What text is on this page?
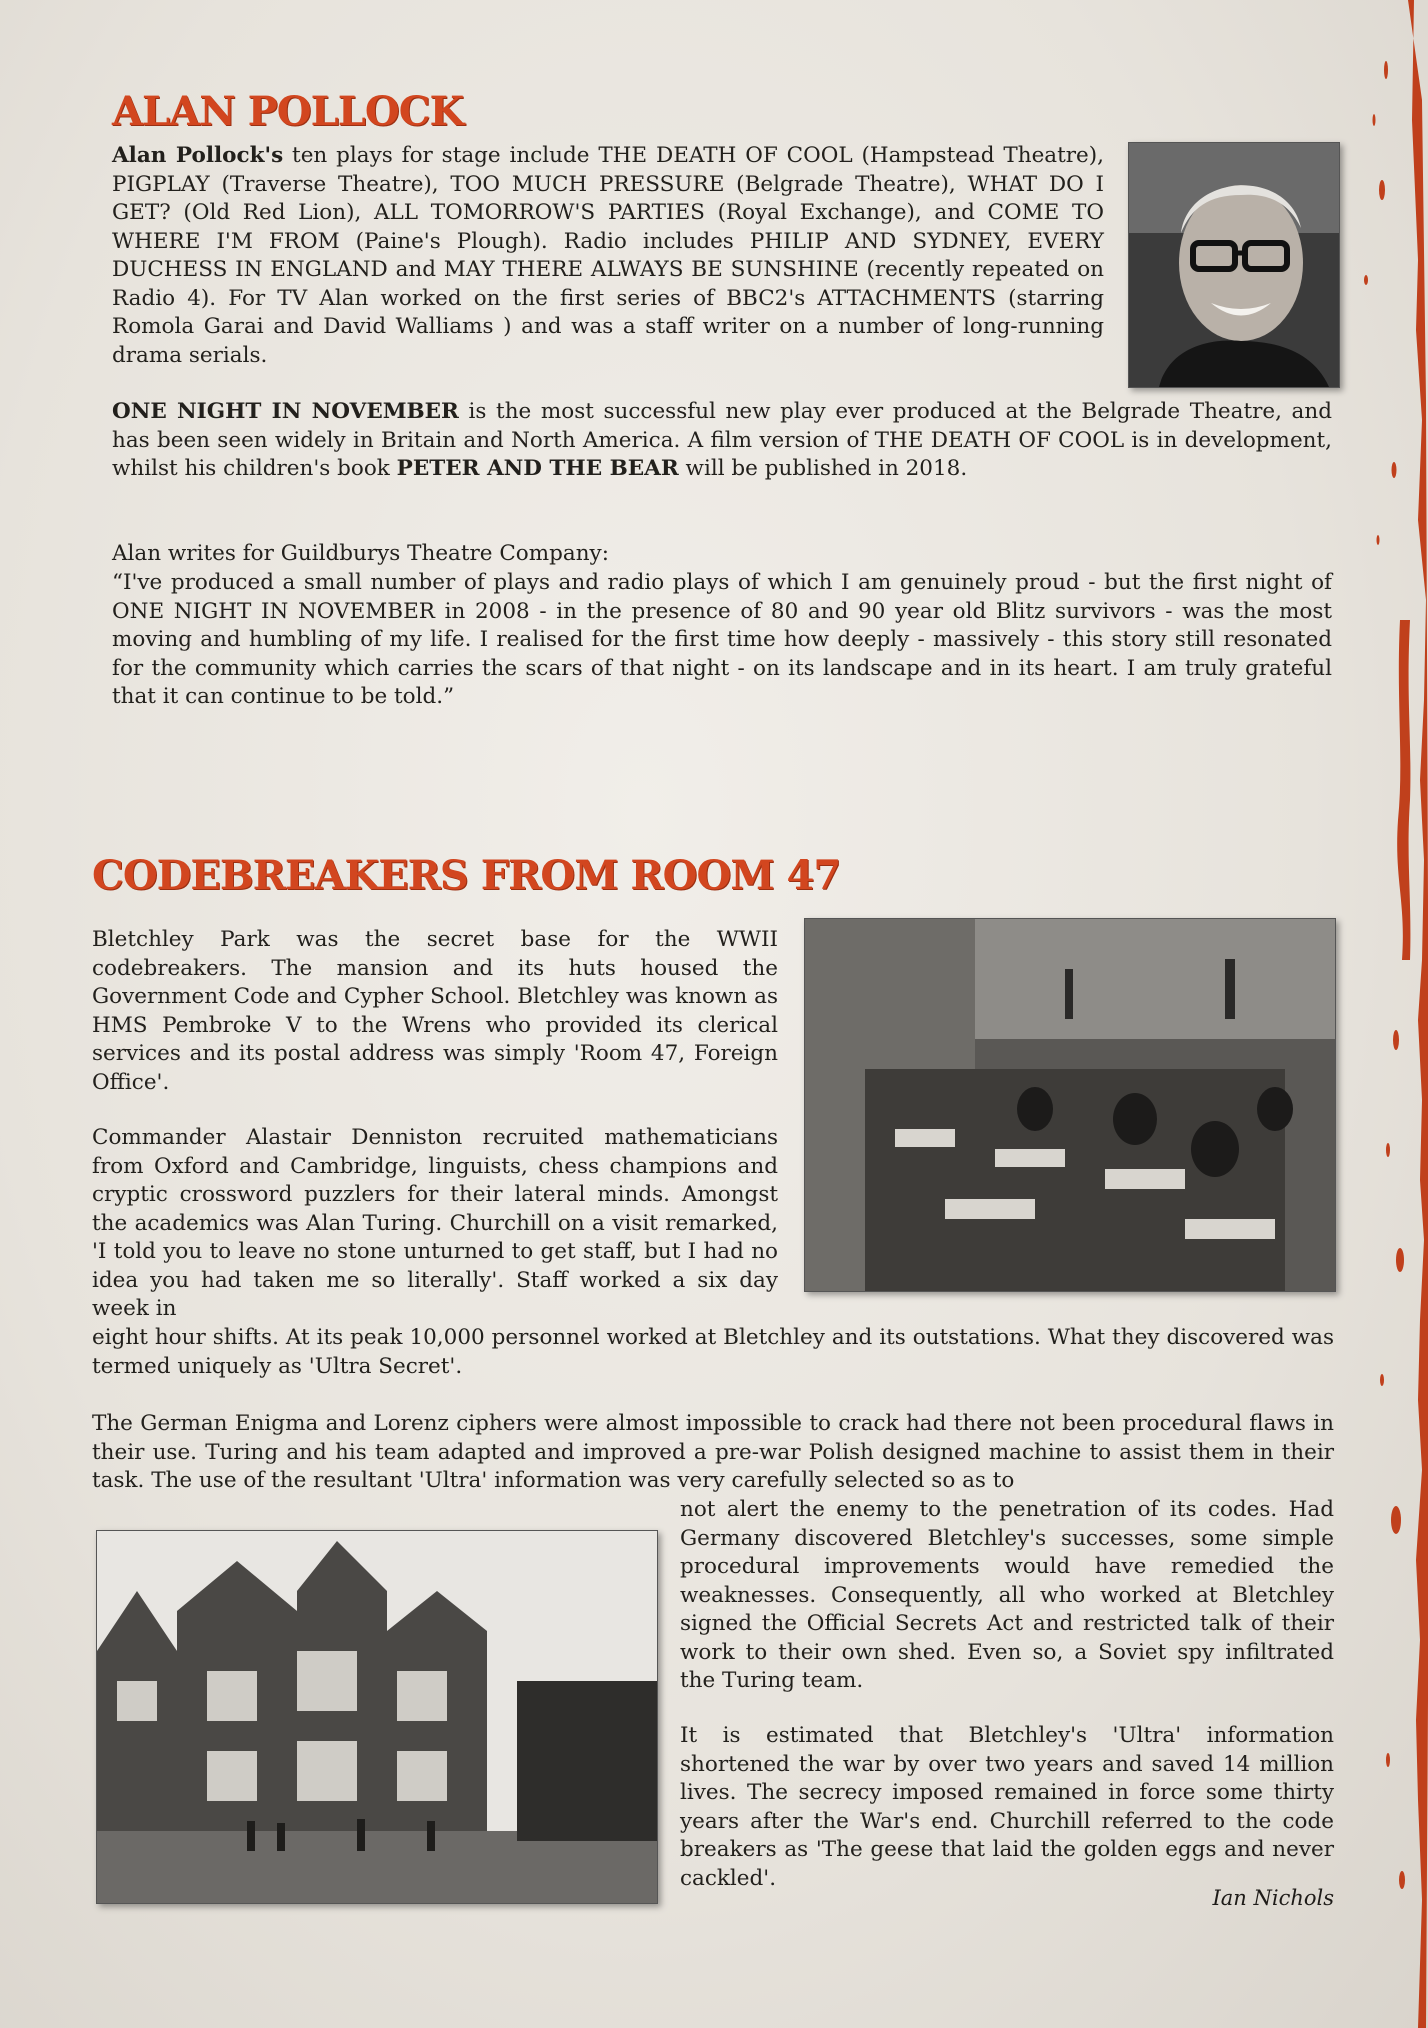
ALAN POLLOCK

Alan Pollock's ten plays for stage include THE DEATH OF COOL (Hampstead Theatre), PIGPLAY (Traverse Theatre), TOO MUCH PRESSURE (Belgrade Theatre), WHAT DO I GET? (Old Red Lion), ALL TOMORROW'S PARTIES (Royal Exchange), and COME TO WHERE I'M FROM (Paine's Plough). Radio includes PHILIP AND SYDNEY, EVERY DUCHESS IN ENGLAND and MAY THERE ALWAYS BE SUNSHINE (recently repeated on Radio 4). For TV Alan worked on the first series of BBC2's ATTACHMENTS (starring Romola Garai and David Walliams ) and was a staff writer on a number of long-running drama serials.

ONE NIGHT IN NOVEMBER is the most successful new play ever produced at the Belgrade Theatre, and has been seen widely in Britain and North America. A film version of THE DEATH OF COOL is in development, whilst his children's book PETER AND THE BEAR will be published in 2018.

Alan writes for Guildburys Theatre Company:

“I've produced a small number of plays and radio plays of which I am genuinely proud - but the first night of ONE NIGHT IN NOVEMBER in 2008 - in the presence of 80 and 90 year old Blitz survivors - was the most moving and humbling of my life. I realised for the first time how deeply - massively - this story still resonated for the community which carries the scars of that night - on its landscape and in its heart. I am truly grateful that it can continue to be told.”

CODEBREAKERS FROM ROOM 47

Bletchley Park was the secret base for the WWII codebreakers. The mansion and its huts housed the Government Code and Cypher School. Bletchley was known as HMS Pembroke V to the Wrens who provided its clerical services and its postal address was simply 'Room 47, Foreign Office'.

Commander Alastair Denniston recruited mathematicians from Oxford and Cambridge, linguists, chess champions and cryptic crossword puzzlers for their lateral minds. Amongst the academics was Alan Turing. Churchill on a visit remarked, 'I told you to leave no stone unturned to get staff, but I had no idea you had taken me so literally'. Staff worked a six day week in

eight hour shifts. At its peak 10,000 personnel worked at Bletchley and its outstations. What they discovered was termed uniquely as 'Ultra Secret'.

The German Enigma and Lorenz ciphers were almost impossible to crack had there not been procedural flaws in their use. Turing and his team adapted and improved a pre-war Polish designed machine to assist them in their task. The use of the resultant 'Ultra' information was very carefully selected so as to

not alert the enemy to the penetration of its codes. Had Germany discovered Bletchley's successes, some simple procedural improvements would have remedied the weaknesses. Consequently, all who worked at Bletchley signed the Official Secrets Act and restricted talk of their work to their own shed. Even so, a Soviet spy infiltrated the Turing team.

It is estimated that Bletchley's 'Ultra' information shortened the war by over two years and saved 14 million lives. The secrecy imposed remained in force some thirty years after the War's end. Churchill referred to the code breakers as 'The geese that laid the golden eggs and never cackled'.

Ian Nichols
